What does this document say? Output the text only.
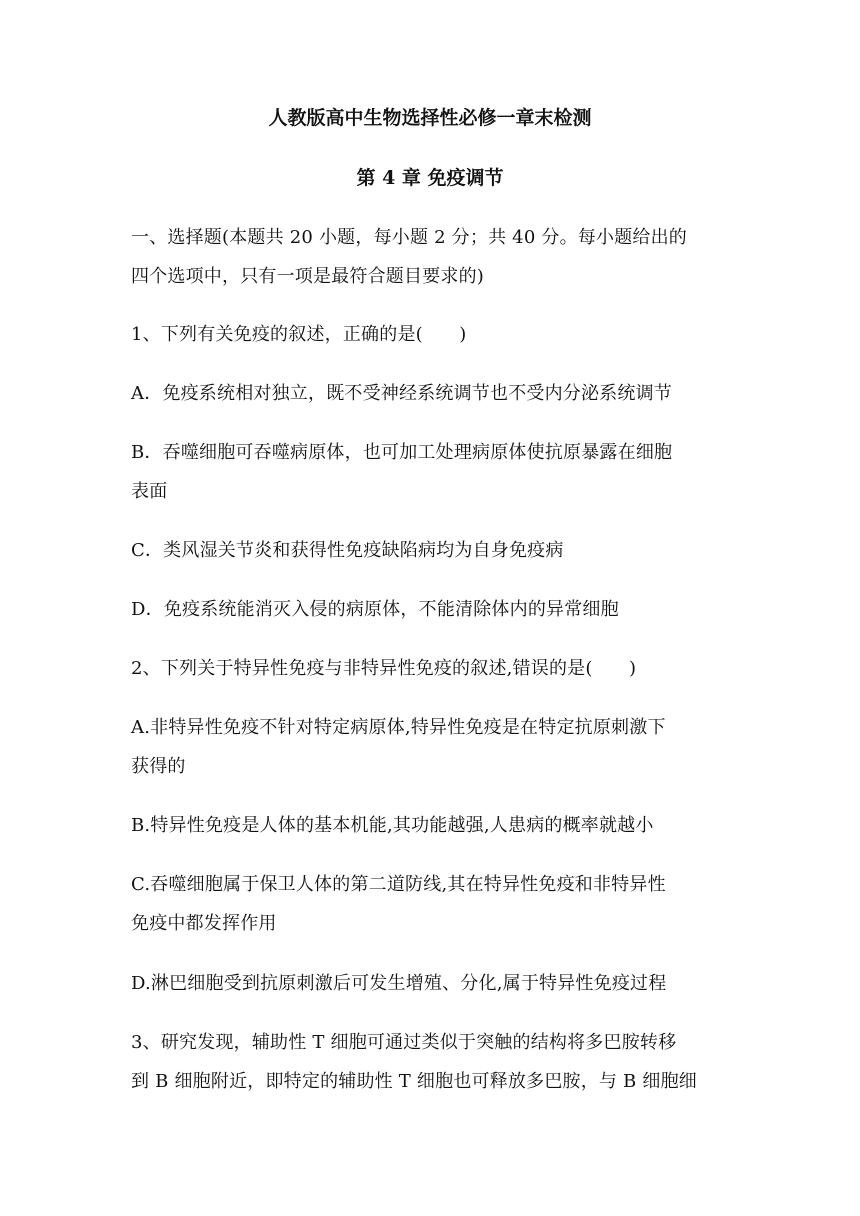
人教版高中生物选择性必修一章末检测
第 4 章 免疫调节
一、选择题(本题共 20 小题，每小题 2 分；共 40 分。每小题给出的
四个选项中，只有一项是最符合题目要求的)
1、下列有关免疫的叙述，正确的是(　　)
A．免疫系统相对独立，既不受神经系统调节也不受内分泌系统调节
B．吞噬细胞可吞噬病原体，也可加工处理病原体使抗原暴露在细胞
表面
C．类风湿关节炎和获得性免疫缺陷病均为自身免疫病
D．免疫系统能消灭入侵的病原体，不能清除体内的异常细胞
2、下列关于特异性免疫与非特异性免疫的叙述,错误的是(　　)
A.非特异性免疫不针对特定病原体,特异性免疫是在特定抗原刺激下
获得的
B.特异性免疫是人体的基本机能,其功能越强,人患病的概率就越小
C.吞噬细胞属于保卫人体的第二道防线,其在特异性免疫和非特异性
免疫中都发挥作用
D.淋巴细胞受到抗原刺激后可发生增殖、分化,属于特异性免疫过程
3、研究发现，辅助性 T 细胞可通过类似于突触的结构将多巴胺转移
到 B 细胞附近，即特定的辅助性 T 细胞也可释放多巴胺，与 B 细胞细
